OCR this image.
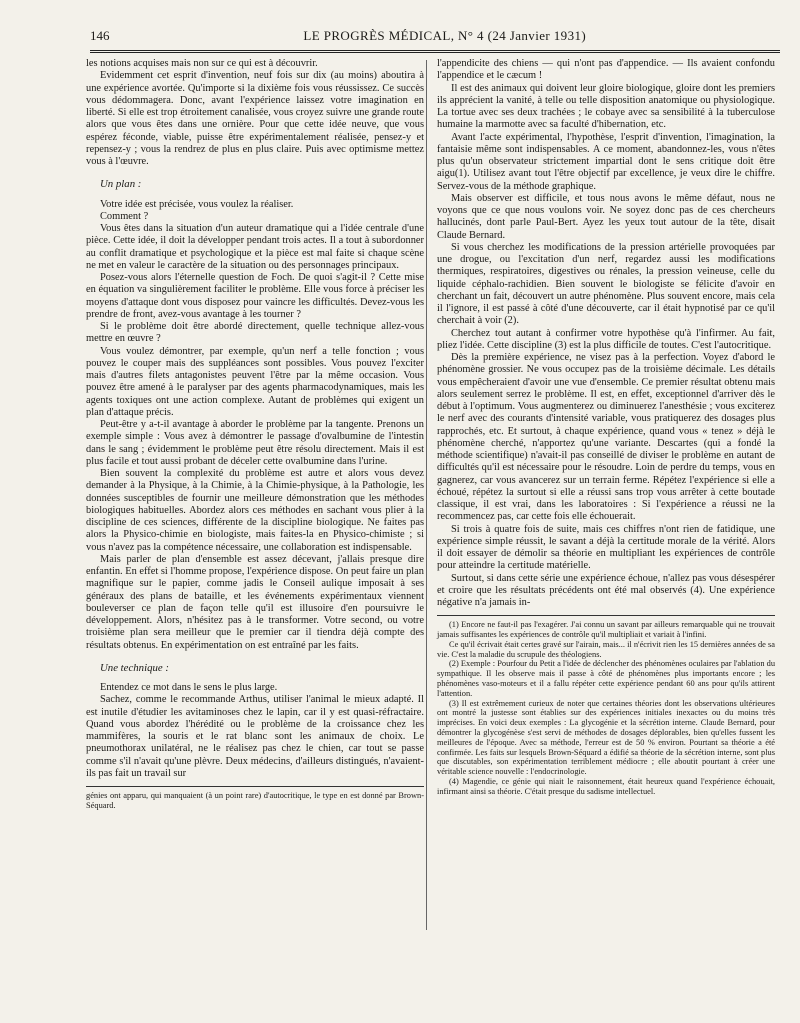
146	LE PROGRÈS MÉDICAL, N° 4 (24 Janvier 1931)

les notions acquises mais non sur ce qui est à découvrir.

Evidemment cet esprit d'invention, neuf fois sur dix (au moins) aboutira à une expérience avortée. Qu'importe si la dixième fois vous réussissez. Ce succès vous dédommagera. Donc, avant l'expérience laissez votre imagination en liberté. Si elle est trop étroitement canalisée, vous croyez suivre une grande route alors que vous êtes dans une ornière. Pour que cette idée neuve, que vous espérez féconde, viable, puisse être expérimentalement réalisée, pensez-y et repensez-y ; vous la rendrez de plus en plus claire. Puis avec optimisme mettez vous à l'œuvre.

Un plan :

Votre idée est précisée, vous voulez la réaliser.

Comment ?

Vous êtes dans la situation d'un auteur dramatique qui a l'idée centrale d'une pièce. Cette idée, il doit la développer pendant trois actes. Il a tout à subordonner au conflit dramatique et psychologique et la pièce est mal faite si chaque scène ne met en valeur le caractère de la situation ou des personnages principaux.

Posez-vous alors l'éternelle question de Foch. De quoi s'agit-il ? Cette mise en équation va singulièrement faciliter le problème. Elle vous force à préciser les moyens d'attaque dont vous disposez pour vaincre les difficultés. Devez-vous les prendre de front, avez-vous avantage à les tourner ?

Si le problème doit être abordé directement, quelle technique allez-vous mettre en œuvre ?

Vous voulez démontrer, par exemple, qu'un nerf a telle fonction ; vous pouvez le couper mais des suppléances sont possibles. Vous pouvez l'exciter mais d'autres filets antagonistes peuvent l'être par la même occasion. Vous pouvez être amené à le paralyser par des agents pharmacodynamiques, mais les agents toxiques ont une action complexe. Autant de problèmes qui exigent un plan d'attaque précis.

Peut-être y a-t-il avantage à aborder le problème par la tangente. Prenons un exemple simple : Vous avez à démontrer le passage d'ovalbumine de l'intestin dans le sang ; évidemment le problème peut être résolu directement. Mais il est plus facile et tout aussi probant de déceler cette ovalbumine dans l'urine.

Bien souvent la complexité du problème est autre et alors vous devez demander à la Physique, à la Chimie, à la Chimie-physique, à la Pathologie, les données susceptibles de fournir une meilleure démonstration que les méthodes biologiques habituelles. Abordez alors ces méthodes en sachant vous plier à la discipline de ces sciences, différente de la discipline biologique. Ne faites pas alors la Physico-chimie en biologiste, mais faites-la en Physico-chimiste ; si vous n'avez pas la compétence nécessaire, une collaboration est indispensable.

Mais parler de plan d'ensemble est assez décevant, j'allais presque dire enfantin. En effet si l'homme propose, l'expérience dispose. On peut faire un plan magnifique sur le papier, comme jadis le Conseil aulique imposait à ses généraux des plans de bataille, et les événements expérimentaux viennent bouleverser ce plan de façon telle qu'il est illusoire d'en poursuivre le développement. Alors, n'hésitez pas à le transformer. Votre second, ou votre troisième plan sera meilleur que le premier car il tiendra déjà compte des résultats obtenus. En expérimentation on est entraîné par les faits.

Une technique :

Entendez ce mot dans le sens le plus large.

Sachez, comme le recommande Arthus, utiliser l'animal le mieux adapté. Il est inutile d'étudier les avitaminoses chez le lapin, car il y est quasi-réfractaire. Quand vous abordez l'hérédité ou le problème de la croissance chez les mammifères, la souris et le rat blanc sont les animaux de choix. Le pneumothorax unilatéral, ne le réalisez pas chez le chien, car tout se passe comme s'il n'avait qu'une plèvre. Deux médecins, d'ailleurs distingués, n'avaient-ils pas fait un travail sur

génies ont apparu, qui manquaient (à un point rare) d'autocritique, le type en est donné par Brown-Séquard.

l'appendicite des chiens — qui n'ont pas d'appendice. — Ils avaient confondu l'appendice et le cæcum !

Il est des animaux qui doivent leur gloire biologique, gloire dont les premiers ils apprécient la vanité, à telle ou telle disposition anatomique ou physiologique. La tortue avec ses deux trachées ; le cobaye avec sa sensibilité à la tuberculose humaine la marmotte avec sa faculté d'hibernation, etc.

Avant l'acte expérimental, l'hypothèse, l'esprit d'invention, l'imagination, la fantaisie même sont indispensables. A ce moment, abandonnez-les, vous n'êtes plus qu'un observateur strictement impartial dont le sens critique doit être aigu(1). Utilisez avant tout l'être objectif par excellence, je veux dire le chiffre. Servez-vous de la méthode graphique.

Mais observer est difficile, et tous nous avons le même défaut, nous ne voyons que ce que nous voulons voir. Ne soyez donc pas de ces chercheurs hallucinés, dont parle Paul-Bert. Ayez les yeux tout autour de la tête, disait Claude Bernard.

Si vous cherchez les modifications de la pression artérielle provoquées par une drogue, ou l'excitation d'un nerf, regardez aussi les modifications thermiques, respiratoires, digestives ou rénales, la pression veineuse, celle du liquide céphalo-rachidien. Bien souvent le biologiste se félicite d'avoir en cherchant un fait, découvert un autre phénomène. Plus souvent encore, mais cela il l'ignore, il est passé à côté d'une découverte, car il était hypnotisé par ce qu'il cherchait à voir (2).

Cherchez tout autant à confirmer votre hypothèse qu'à l'infirmer. Au fait, pliez l'idée. Cette discipline (3) est la plus difficile de toutes. C'est l'autocritique.

Dès la première expérience, ne visez pas à la perfection. Voyez d'abord le phénomène grossier. Ne vous occupez pas de la troisième décimale. Les détails vous empêcheraient d'avoir une vue d'ensemble. Ce premier résultat obtenu mais alors seulement serrez le problème. Il est, en effet, exceptionnel d'arriver dès le début à l'optimum. Vous augmenterez ou diminuerez l'anesthésie ; vous exciterez le nerf avec des courants d'intensité variable, vous pratiquerez des dosages plus rapprochés, etc. Et surtout, à chaque expérience, quand vous « tenez » déjà le phénomène cherché, n'apportez qu'une variante. Descartes (qui a fondé la méthode scientifique) n'avait-il pas conseillé de diviser le problème en autant de difficultés qu'il est nécessaire pour le résoudre. Loin de perdre du temps, vous en gagnerez, car vous avancerez sur un terrain ferme. Répétez l'expérience si elle a échoué, répétez la surtout si elle a réussi sans trop vous arrêter à cette boutade classique, il est vrai, dans les laboratoires : Si l'expérience a réussi ne la recommencez pas, car cette fois elle échouerait.

Si trois à quatre fois de suite, mais ces chiffres n'ont rien de fatidique, une expérience simple réussit, le savant a déjà la certitude morale de la vérité. Alors il doit essayer de démolir sa théorie en multipliant les expériences de contrôle pour atteindre la certitude matérielle.

Surtout, si dans cette série une expérience échoue, n'allez pas vous désespérer et croire que les résultats précédents ont été mal observés (4). Une expérience négative n'a jamais in-

(1) Encore ne faut-il pas l'exagérer. J'ai connu un savant par ailleurs remarquable qui ne trouvait jamais suffisantes les expériences de contrôle qu'il multipliait et variait à l'infini.

Ce qu'il écrivait était certes gravé sur l'airain, mais... il n'écrivit rien les 15 dernières années de sa vie. C'est la maladie du scrupule des théologiens.

(2) Exemple : Pourfour du Petit a l'idée de déclencher des phénomènes oculaires par l'ablation du sympathique. Il les observe mais il passe à côté de phénomènes plus importants encore ; les phénomènes vaso-moteurs et il a fallu répéter cette expérience pendant 60 ans pour qu'ils attirent l'attention.

(3) Il est extrêmement curieux de noter que certaines théories dont les observations ultérieures ont montré la justesse sont établies sur des expériences initiales inexactes ou du moins très imprécises. En voici deux exemples : La glycogénie et la sécrétion interne. Claude Bernard, pour démontrer la glycogénèse s'est servi de méthodes de dosages déplorables, bien qu'elles fussent les meilleures de l'époque. Avec sa méthode, l'erreur est de 50 % environ. Pourtant sa théorie a été confirmée. Les faits sur lesquels Brown-Séquard a édifié sa théorie de la sécrétion interne, sont plus que discutables, son expérimentation terriblement médiocre ; elle aboutit pourtant à créer une véritable science nouvelle : l'endocrinologie.

(4) Magendie, ce génie qui niait le raisonnement, était heureux quand l'expérience échouait, infirmant ainsi sa théorie. C'était presque du sadisme intellectuel.
